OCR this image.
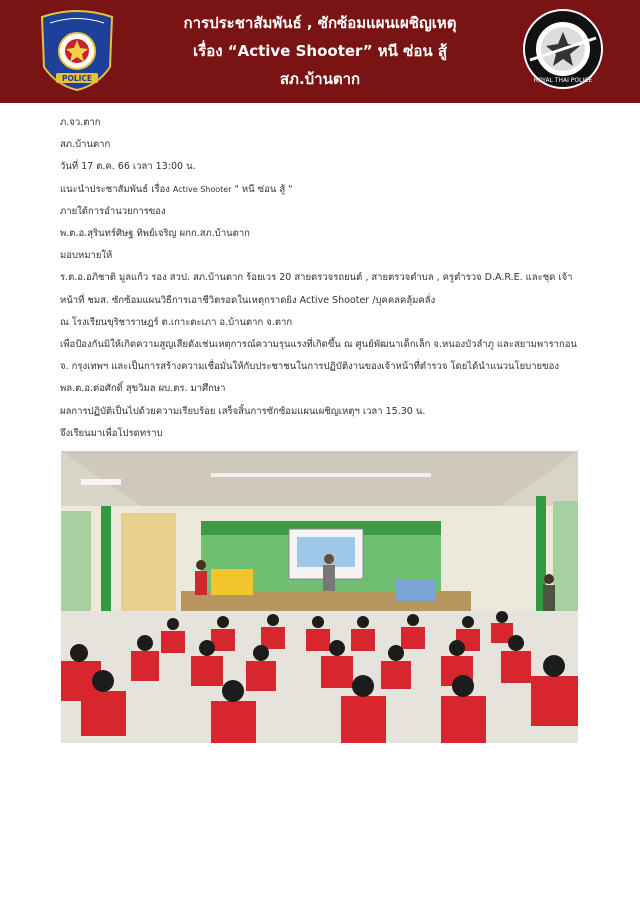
POLICE
การประชาสัมพันธ์ , ซักซ้อมแผนเผชิญเหตุ
เรื่อง “Active Shooter” หนี ซ่อน สู้
สภ.บ้านตาก	ROYAL THAI POLICE
ภ.จว.ตาก
สภ.บ้านตาก
วันที่ 17 ต.ค. 66 เวลา 13:00 น.
แนะนำประชาสัมพันธ์ เรื่อง Active Shooter " หนี ซ่อน สู้ "
ภายใต้การอำนวยการของ
พ.ต.อ.สุรินทร์ศิษฐ ทิพย์เจริญ ผกก.สภ.บ้านตาก
มอบหมายให้
ร.ต.อ.อภิชาติ มูลแก้ว รอง สวป. สภ.บ้านตาก ร้อยเวร 20 สายตรวจรถยนต์ , สายตรวจตำบล , ครูตำรวจ D.A.R.E. และชุด เจ้าหน้าที่ ชมส. ซักซ้อมแผนวิธีการเอาชีวิตรอดในเหตุกราดยิง Active Shooter /บุคคลคลุ้มคลั่ง
ณ โรงเรียนขุริชาราษฎร์ ต.เกาะตะเภา อ.บ้านตาก จ.ตาก
เพื่อป้องกันมิให้เกิดความสูญเสียดังเช่นเหตุการณ์ความรุนแรงที่เกิดขึ้น ณ ศูนย์พัฒนาเด็กเล็ก จ.หนองบัวลำภู และสยามพารากอน จ. กรุงเทพฯ และเป็นการสร้างความเชื่อมั่นให้กับประชาชนในการปฏิบัติงานของเจ้าหน้าที่ตำรวจ โดยได้นำแนวนโยบายของ พล.ต.อ.ต่อศักดิ์ สุขวิมล ผบ.ตร. มาศึกษา
ผลการปฏิบัติเป็นไปด้วยความเรียบร้อย เสร็จสิ้นการซักซ้อมแผนเผชิญเหตุฯ เวลา 15.30 น.
จึงเรียนมาเพื่อโปรดทราบ
